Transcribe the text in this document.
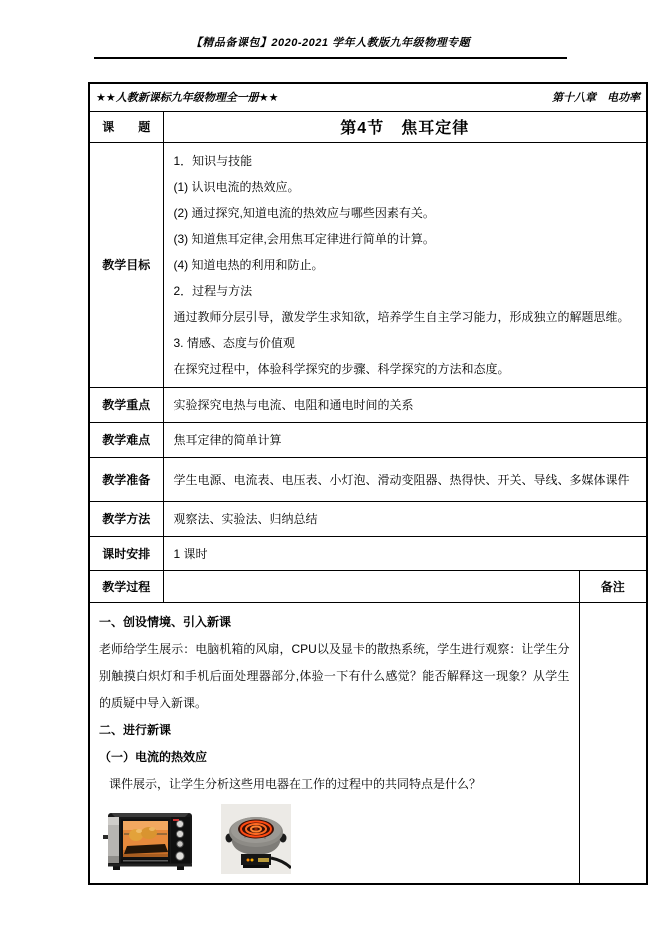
【精品备课包】2020-2021 学年人教版九年级物理专题
★★人教新课标九年级物理全一册★★ 第十八章　电功率		

课　　题	第4节　焦耳定律	
教学目标	
1．知识与技能
(1) 认识电流的热效应。
(2) 通过探究,知道电流的热效应与哪些因素有关。
(3) 知道焦耳定律,会用焦耳定律进行简单的计算。
(4) 知道电热的利用和防止。
2．过程与方法
通过教师分层引导，激发学生求知欲，培养学生自主学习能力，形成独立的解题思维。
3. 情感、态度与价值观
在探究过程中，体验科学探究的步骤、科学探究的方法和态度。

教学重点	实验探究电热与电流、电阻和通电时间的关系	
教学难点	焦耳定律的简单计算	
教学准备	学生电源、电流表、电压表、小灯泡、滑动变阻器、热得快、开关、导线、多媒体课件	
教学方法	观察法、实验法、归纳总结	
课时安排	1 课时	
教学过程		备注

一、创设情境、引入新课
老师给学生展示：电脑机箱的风扇，CPU以及显卡的散热系统，学生进行观察：让学生分别触摸白炽灯和手机后面处理器部分,体验一下有什么感觉？能否解释这一现象？从学生的质疑中导入新课。
二、进行新课
（一）电流的热效应
课件展示，让学生分析这些用电器在工作的过程中的共同特点是什么？		
